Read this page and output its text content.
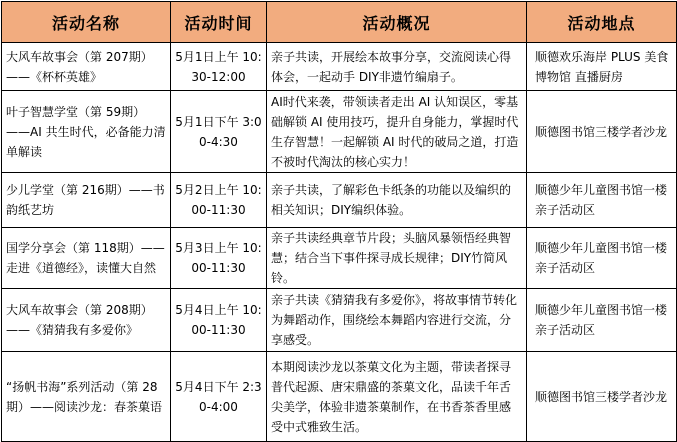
活动名称	活动时间	活动概况	活动地点
大风车故事会（第 207期）——《杯杯英雄》	5月1日上午 10:30-12:00	亲子共读，开展绘本故事分享，交流阅读心得体会，一起动手 DIY非遗竹编扇子。	顺德欢乐海岸 PLUS 美食博物馆 直播厨房
叶子智慧学堂（第 59期）——AI 共生时代，必备能力清单解读	5月1日下午 3:00-4:30	AI时代来袭，带领读者走出 AI 认知误区，零基础解锁 AI 使用技巧，提升自身能力，掌握时代生存智慧！一起解锁 AI 时代的破局之道，打造不被时代淘汰的核心实力！	顺德图书馆三楼学者沙龙
少儿学堂（第 216期）——书韵纸艺坊	5月2日上午 10:00-11:30	亲子共读，了解彩色卡纸条的功能以及编织的相关知识；DIY编织体验。	顺德少年儿童图书馆一楼亲子活动区
国学分享会（第 118期）——走进《道德经》，读懂大自然	5月3日上午 10:00-11:30	亲子共读经典章节片段；头脑风暴领悟经典智慧；结合当下事件探寻成长规律；DIY竹简风铃。	顺德少年儿童图书馆一楼亲子活动区
大风车故事会（第 208期）——《猜猜我有多爱你》	5月4日上午 10:00-11:30	亲子共读《猜猜我有多爱你》，将故事情节转化为舞蹈动作，围绕绘本舞蹈内容进行交流，分享感受。	顺德少年儿童图书馆一楼亲子活动区
“扬帆书海”系列活动（第 28期）——阅读沙龙：春茶菓语	5月4日下午 2:30-4:00	本期阅读沙龙以茶菓文化为主题，带读者探寻普代起源、唐宋鼎盛的茶菓文化，品读千年舌尖美学，体验非遗茶菓制作，在书香茶香里感受中式雅致生活。	顺德图书馆三楼学者沙龙
